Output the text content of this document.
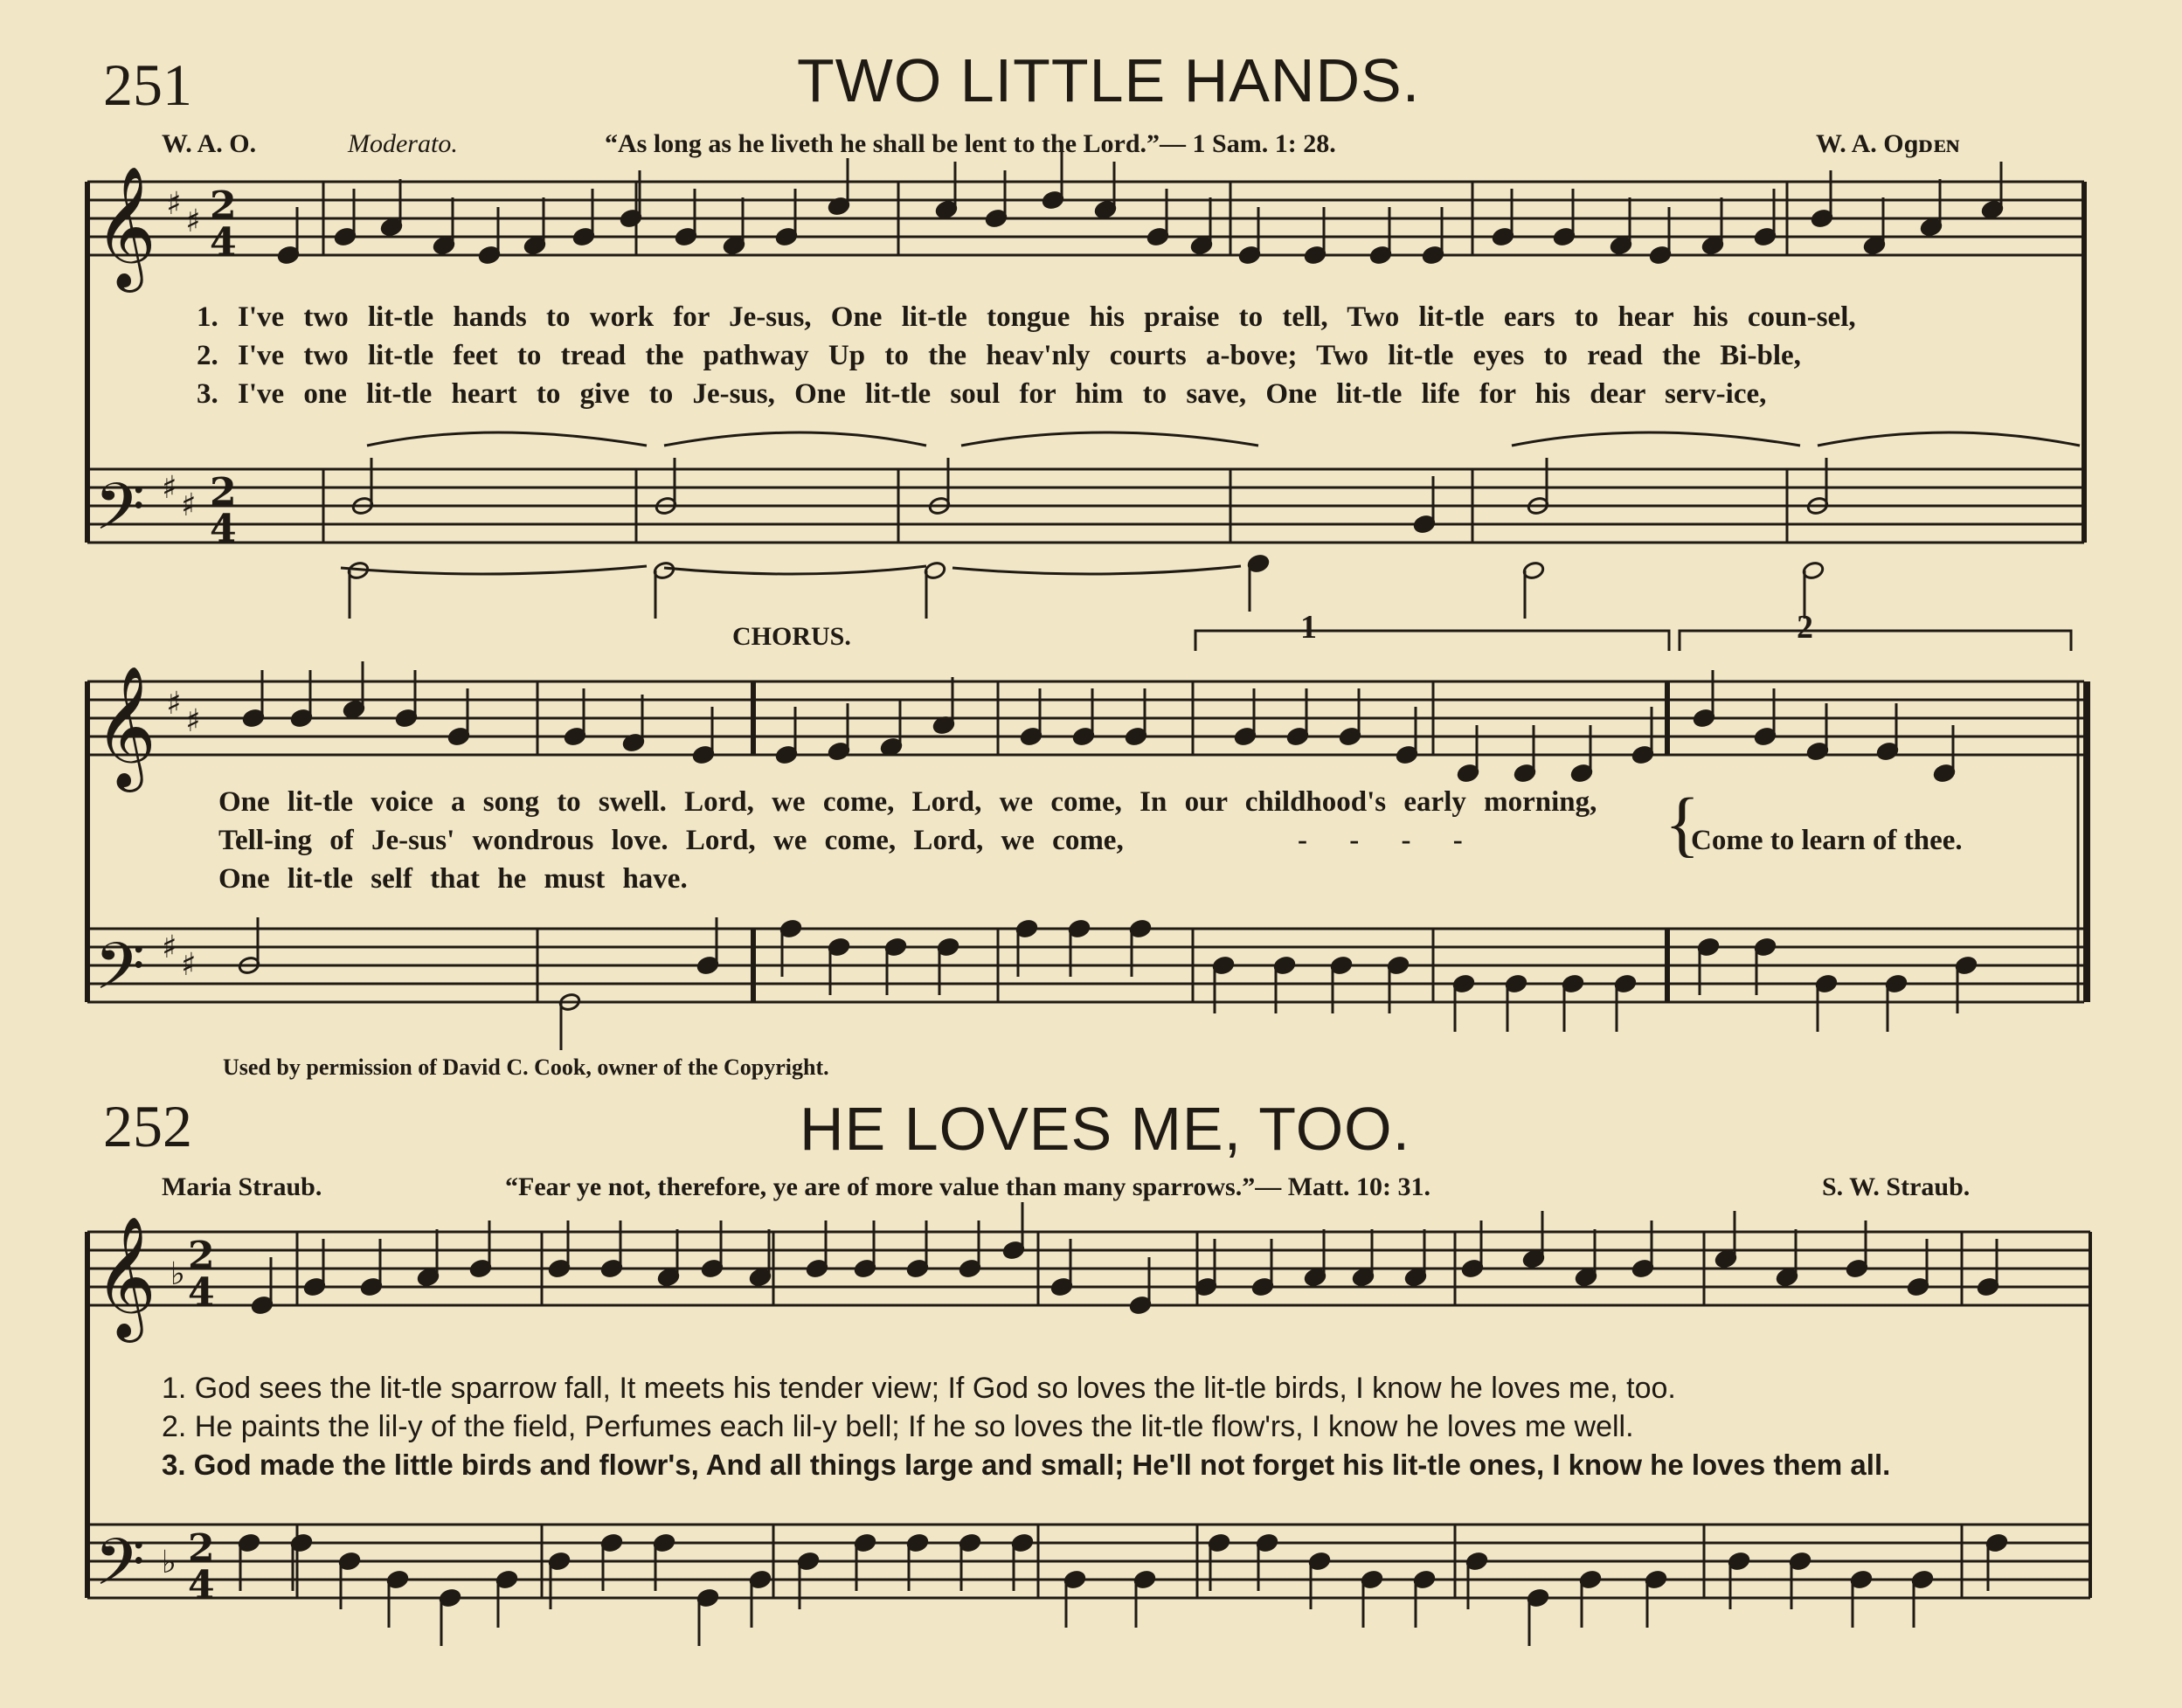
𝄞
𝄢
𝄞
𝄢
𝄞
𝄢
♯ ♯ 2
4
♯ ♯ 2
4
♯ ♯
♯ ♯
♭ 2
4
♭ 2
4
251	TWO LITTLE HANDS.
W. A. O.	Moderato.	“As long as he liveth he shall be lent to the Lord.”— 1 Sam. 1: 28.	W. A. Oɡᴅᴇɴ
1. I've two lit-tle hands to work for Je-sus, One lit-tle tongue his praise to tell, Two lit-tle ears to hear his coun-sel,
2. I've two lit-tle feet to tread the pathway Up to the heav'nly courts a-bove; Two lit-tle eyes to read the Bi-ble,
3. I've one lit-tle heart to give to Je-sus, One lit-tle soul for him to save, One lit-tle life for his dear serv-ice,
CHORUS.	1	2
One lit-tle voice a song to swell. Lord, we come, Lord, we come, In our childhood's early morning,
Tell-ing of Je-sus' wondrous love. Lord, we come, Lord, we come,	- - - -	Come to learn of thee.
One lit-tle self that he must have.
{
Used by permission of David C. Cook, owner of the Copyright.
252	HE LOVES ME, TOO.
Maria Straub.	“Fear ye not, therefore, ye are of more value than many sparrows.”— Matt. 10: 31.	S. W. Straub.
1. God sees the lit-tle sparrow fall, It meets his tender view; If God so loves the lit-tle birds, I know he loves me, too.
2. He paints the lil-y of the field, Perfumes each lil-y bell; If he so loves the lit-tle flow'rs, I know he loves me well.
3. God made the little birds and flowr's, And all things large and small; He'll not forget his lit-tle ones, I know he loves them all.
